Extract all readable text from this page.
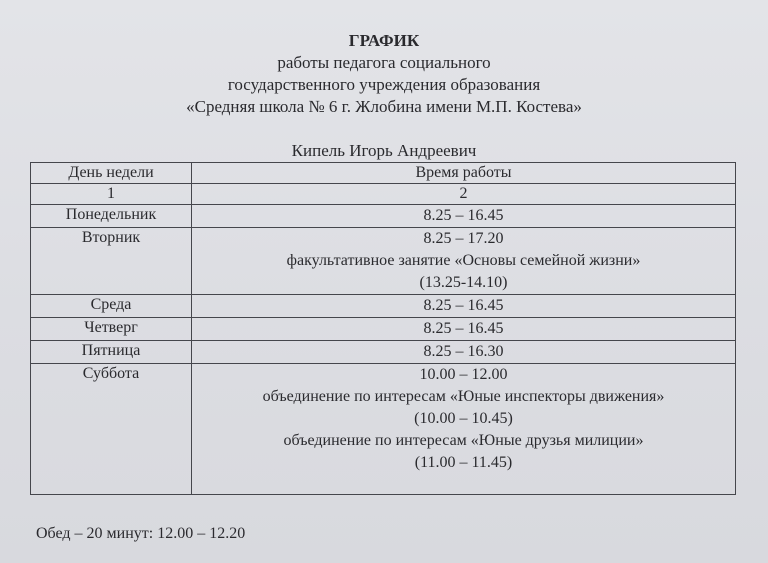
ГРАФИК
работы педагога социального
государственного учреждения образования
«Средняя школа № 6 г. Жлобина имени М.П. Костева»
Кипель Игорь Андреевич
День недели	Время работы
1	2
Понедельник	8.25 – 16.45

Вторник	8.25 – 17.20
факультативное занятие «Основы семейной жизни»
(13.25-14.10)

Среда	8.25 – 16.45

Четверг	8.25 – 16.45

Пятница	8.25 – 16.30

Суббота	10.00 – 12.00
объединение по интересам «Юные инспекторы движения»
(10.00 – 10.45)
объединение по интересам «Юные друзья милиции»
(11.00 – 11.45)
Обед – 20 минут: 12.00 – 12.20
